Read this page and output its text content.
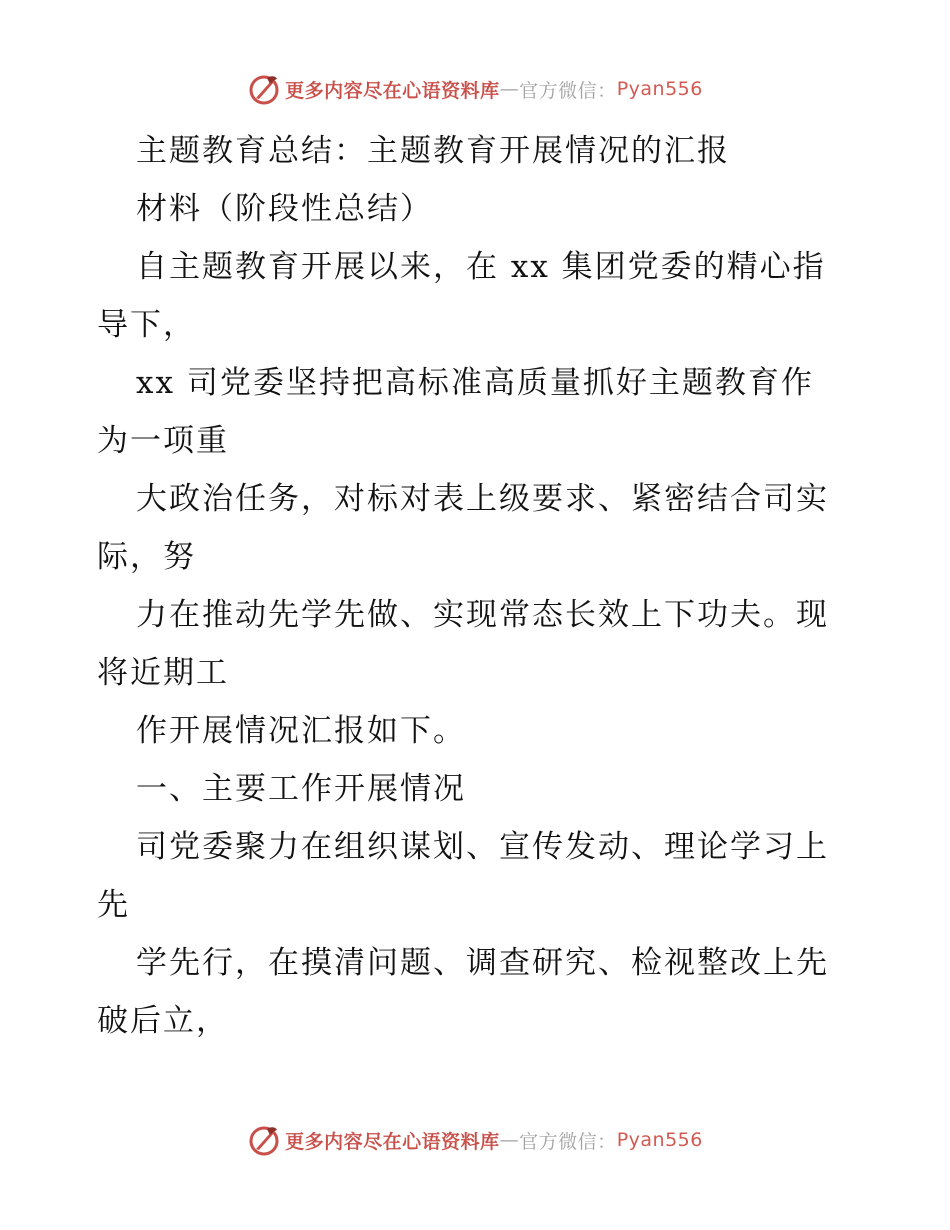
更多内容尽在心语资料库 — 官方微信： Pyan556
主题教育总结：主题教育开展情况的汇报
材料（阶段性总结）
自主题教育开展以来，在 xx 集团党委的精心指
导下，
xx 司党委坚持把高标准高质量抓好主题教育作
为一项重
大政治任务，对标对表上级要求、紧密结合司实
际，努
力在推动先学先做、实现常态长效上下功夫。现
将近期工
作开展情况汇报如下。
一、主要工作开展情况
司党委聚力在组织谋划、宣传发动、理论学习上
先
学先行，在摸清问题、调查研究、检视整改上先
破后立，
更多内容尽在心语资料库 — 官方微信： Pyan556
